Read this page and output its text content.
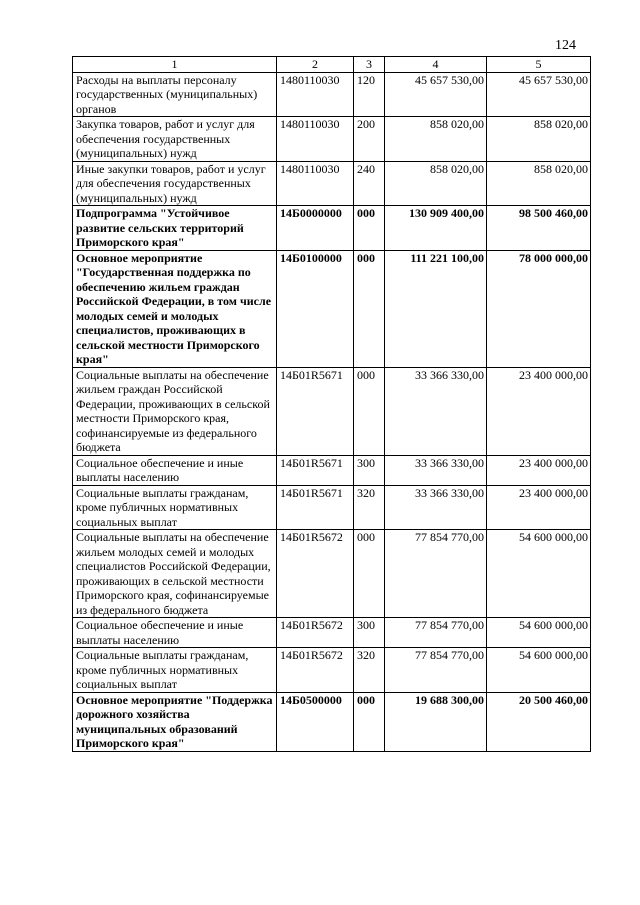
124
1	2	3	4	5
Расходы на выплаты персоналу государственных (муниципальных) органов	1480110030	120	45 657 530,00	45 657 530,00
Закупка товаров, работ и услуг для обеспечения государственных (муниципальных) нужд	1480110030	200	858 020,00	858 020,00
Иные закупки товаров, работ и услуг для обеспечения государственных (муниципальных) нужд	1480110030	240	858 020,00	858 020,00
Подпрограмма "Устойчивое развитие сельских территорий Приморского края"	14Б0000000	000	130 909 400,00	98 500 460,00
Основное мероприятие "Государственная поддержка по обеспечению жильем граждан Российской Федерации, в том числе молодых семей и молодых специалистов, проживающих в сельской местности Приморского края"	14Б0100000	000	111 221 100,00	78 000 000,00
Социальные выплаты на обеспечение жильем граждан Российской Федерации, проживающих в сельской местности Приморского края, софинансируемые из федерального бюджета	14Б01R5671	000	33 366 330,00	23 400 000,00
Социальное обеспечение и иные выплаты населению	14Б01R5671	300	33 366 330,00	23 400 000,00
Социальные выплаты гражданам, кроме публичных нормативных социальных выплат	14Б01R5671	320	33 366 330,00	23 400 000,00
Социальные выплаты на обеспечение жильем молодых семей и молодых специалистов Российской Федерации, проживающих в сельской местности Приморского края, софинансируемые из федерального бюджета	14Б01R5672	000	77 854 770,00	54 600 000,00
Социальное обеспечение и иные выплаты населению	14Б01R5672	300	77 854 770,00	54 600 000,00
Социальные выплаты гражданам, кроме публичных нормативных социальных выплат	14Б01R5672	320	77 854 770,00	54 600 000,00
Основное мероприятие "Поддержка дорожного хозяйства муниципальных образований Приморского края"	14Б0500000	000	19 688 300,00	20 500 460,00
